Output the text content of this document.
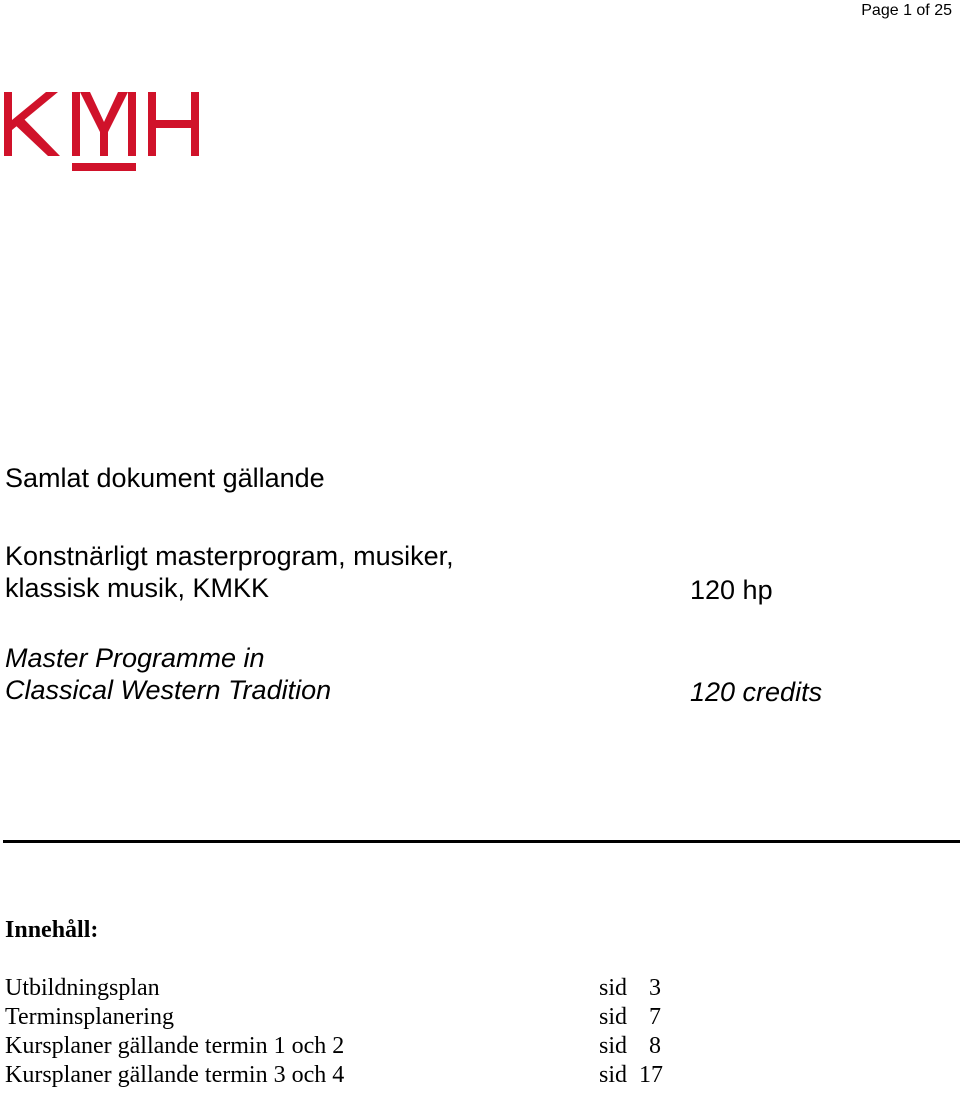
Page 1 of 25
Samlat dokument gällande
Konstnärligt masterprogram, musiker,
klassisk musik, KMKK
Master Programme in
Classical Western Tradition
120 hp
120 credits
Innehåll:
Utbildningsplan	sid 3
Terminsplanering	sid 7
Kursplaner gällande termin 1 och 2	sid 8
Kursplaner gällande termin 3 och 4	sid 17
